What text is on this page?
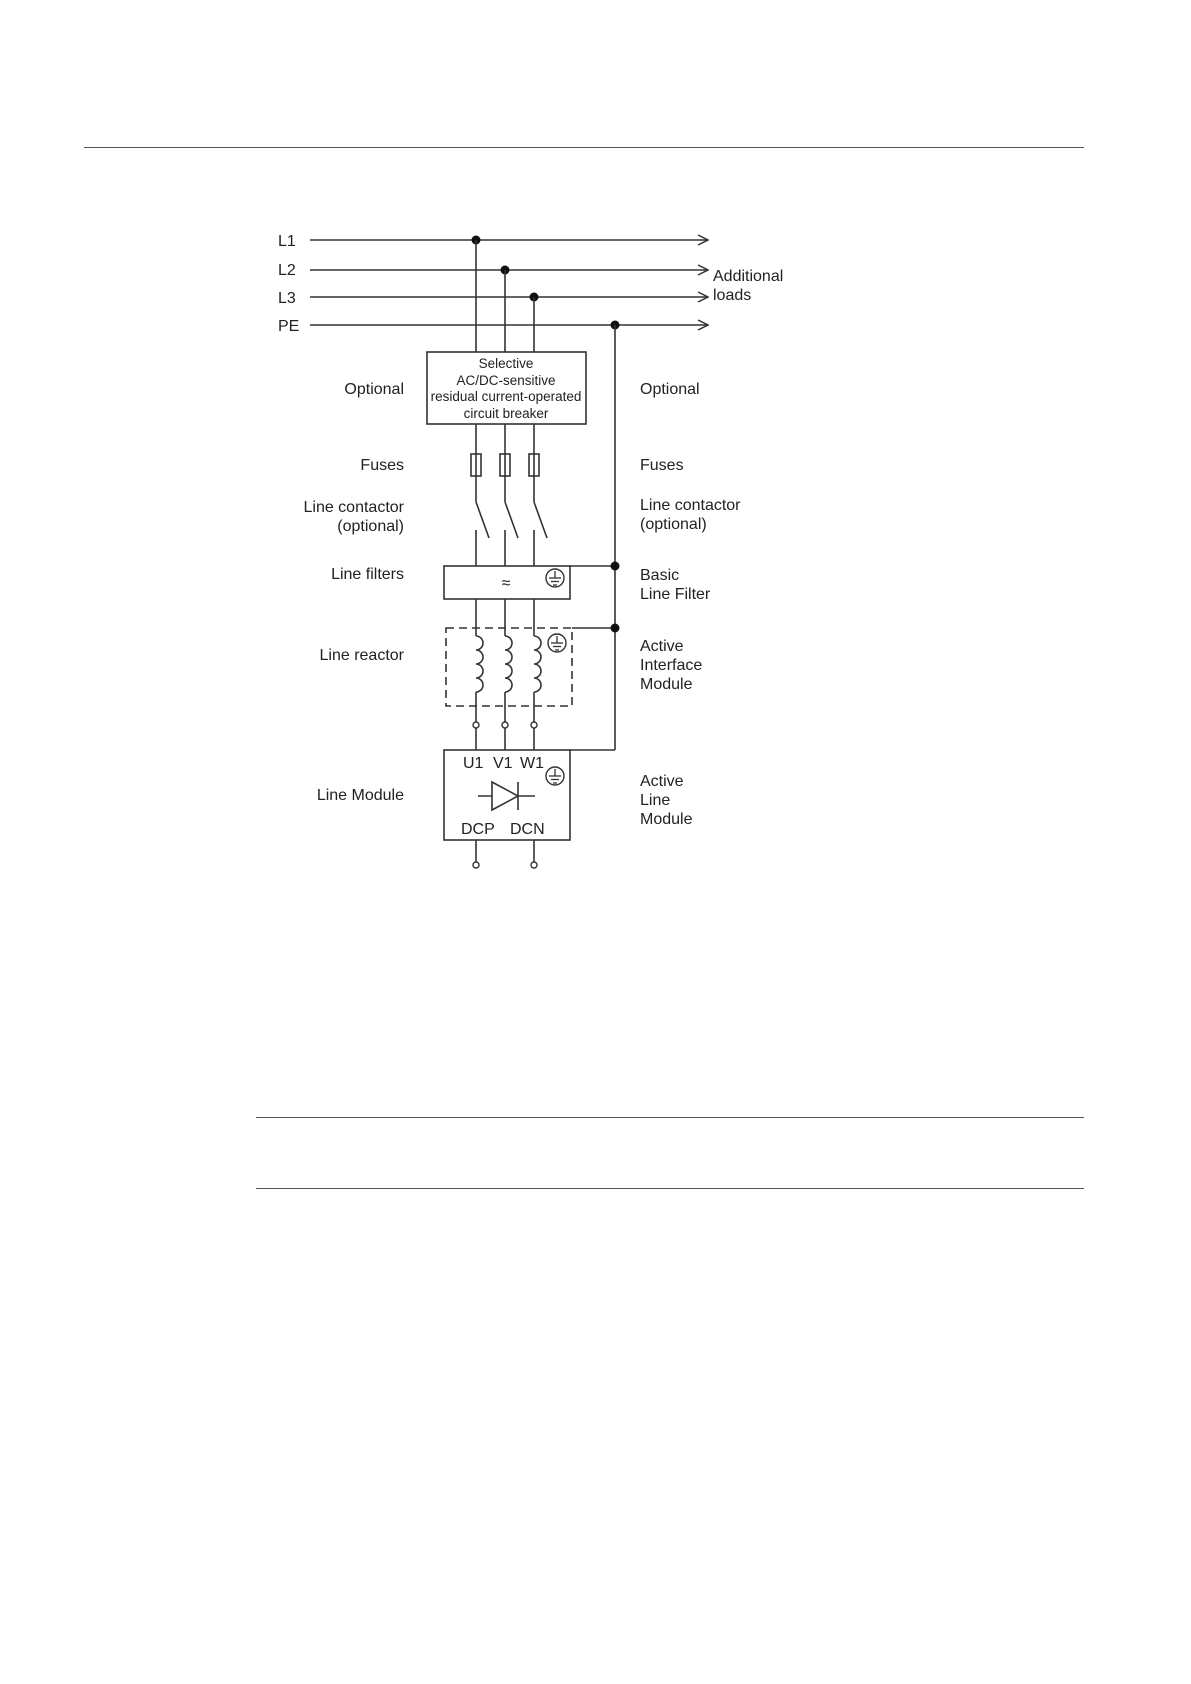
L1
L2
L3
PE
Additional
loads
Selective
AC/DC-sensitive
residual current-operated
circuit breaker
≈
U1 V1 W1
DCP DCN
Optional
Fuses
Line contactor
(optional)
Line filters
Line reactor
Line Module
Optional
Fuses
Line contactor
(optional)
Basic
Line Filter
Active
Interface
Module
Active
Line
Module
